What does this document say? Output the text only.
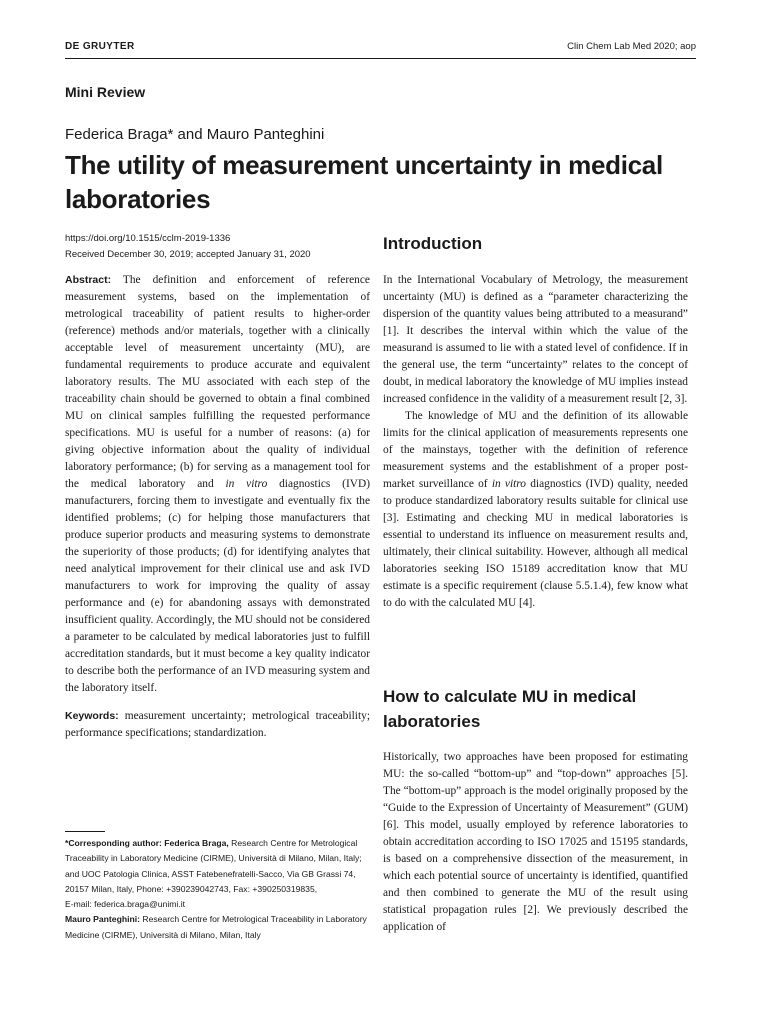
DE GRUYTER	Clin Chem Lab Med 2020; aop
Mini Review
Federica Braga* and Mauro Panteghini
The utility of measurement uncertainty in medical laboratories
https://doi.org/10.1515/cclm-2019-1336
Received December 30, 2019; accepted January 31, 2020

Abstract: The definition and enforcement of reference measurement systems, based on the implementation of metrological traceability of patient results to higher-order (reference) methods and/or materials, together with a clinically acceptable level of measurement uncertainty (MU), are fundamental requirements to produce accurate and equivalent laboratory results. The MU associated with each step of the traceability chain should be governed to obtain a final combined MU on clinical samples fulfilling the requested performance specifications. MU is useful for a number of reasons: (a) for giving objective information about the quality of individual laboratory performance; (b) for serving as a management tool for the medical laboratory and in vitro diagnostics (IVD) manufacturers, forcing them to investigate and eventually fix the identified problems; (c) for helping those manufacturers that produce superior products and measuring systems to demonstrate the superiority of those products; (d) for identifying analytes that need analytical improvement for their clinical use and ask IVD manufacturers to work for improving the quality of assay performance and (e) for abandoning assays with demonstrated insufficient quality. Accordingly, the MU should not be considered a parameter to be calculated by medical laboratories just to fulfill accreditation standards, but it must become a key quality indicator to describe both the performance of an IVD measuring system and the laboratory itself.

Keywords: measurement uncertainty; metrological traceability; performance specifications; standardization.

*Corresponding author: Federica Braga, Research Centre for Metrological Traceability in Laboratory Medicine (CIRME), Università di Milano, Milan, Italy; and UOC Patologia Clinica, ASST Fatebenefratelli-Sacco, Via GB Grassi 74, 20157 Milan, Italy, Phone: +390239042743, Fax: +390250319835,
E-mail: federica.braga@unimi.it
Mauro Panteghini: Research Centre for Metrological Traceability in Laboratory Medicine (CIRME), Università di Milano, Milan, Italy
Introduction

In the International Vocabulary of Metrology, the measurement uncertainty (MU) is defined as a “parameter characterizing the dispersion of the quantity values being attributed to a measurand” [1]. It describes the interval within which the value of the measurand is assumed to lie with a stated level of confidence. If in the general use, the term “uncertainty” relates to the concept of doubt, in medical laboratory the knowledge of MU implies instead increased confidence in the validity of a measurement result [2, 3].

The knowledge of MU and the definition of its allowable limits for the clinical application of measurements represents one of the mainstays, together with the definition of reference measurement systems and the establishment of a proper post-market surveillance of in vitro diagnostics (IVD) quality, needed to produce standardized laboratory results suitable for clinical use [3]. Estimating and checking MU in medical laboratories is essential to understand its influence on measurement results and, ultimately, their clinical suitability. However, although all medical laboratories seeking ISO 15189 accreditation know that MU estimate is a specific requirement (clause 5.5.1.4), few know what to do with the calculated MU [4].

How to calculate MU in medical laboratories

Historically, two approaches have been proposed for estimating MU: the so-called “bottom-up” and “top-down” approaches [5]. The “bottom-up” approach is the model originally proposed by the “Guide to the Expression of Uncertainty of Measurement” (GUM) [6]. This model, usually employed by reference laboratories to obtain accreditation according to ISO 17025 and 15195 standards, is based on a comprehensive dissection of the measurement, in which each potential source of uncertainty is identified, quantified and then combined to generate the MU of the result using statistical propagation rules [2]. We previously described the application of
